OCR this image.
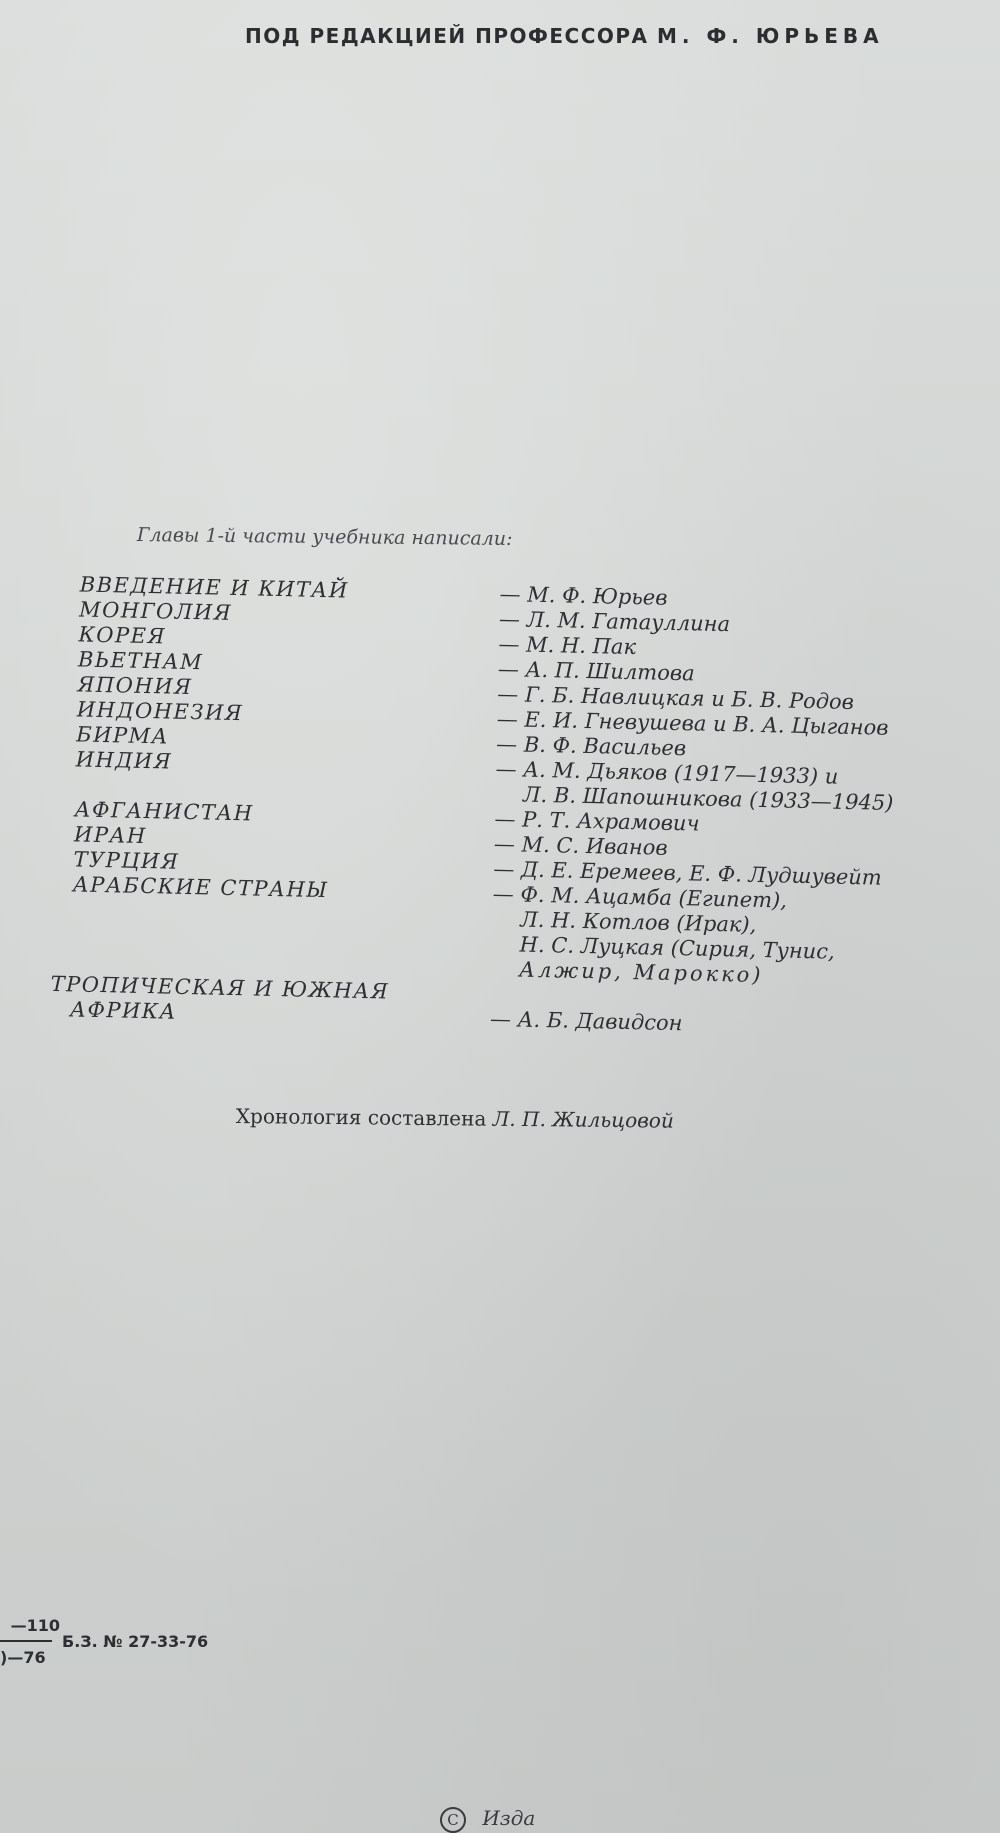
ПОД РЕДАКЦИЕЙ ПРОФЕССОРА М. Ф. ЮРЬЕВА
Главы 1-й части учебника написали:
ВВЕДЕНИЕ И КИТАЙ	— М. Ф. Юрьев
МОНГОЛИЯ	— Л. М. Гатауллина
КОРЕЯ	— М. Н. Пак
ВЬЕТНАМ	— А. П. Шилтова
ЯПОНИЯ	— Г. Б. Навлицкая и Б. В. Родов
ИНДОНЕЗИЯ	— Е. И. Гневушева и В. А. Цыганов
БИРМА	— В. Ф. Васильев
ИНДИЯ	— А. М. Дьяков (1917—1933) и
Л. В. Шапошникова (1933—1945)
АФГАНИСТАН	— Р. Т. Ахрамович
ИРАН	— М. С. Иванов
ТУРЦИЯ	— Д. Е. Еремеев, Е. Ф. Лудшувейт
АРАБСКИЕ СТРАНЫ	— Ф. М. Ацамба (Египет),
Л. Н. Котлов (Ирак),
Н. С. Луцкая (Сирия, Тунис,
Алжир, Марокко)
ТРОПИЧЕСКАЯ И ЮЖНАЯ
АФРИКА	— А. Б. Давидсон
Хронология составлена Л. П. Жильцовой
—110
)—76
Б.З. № 27-33-76
С Изда
